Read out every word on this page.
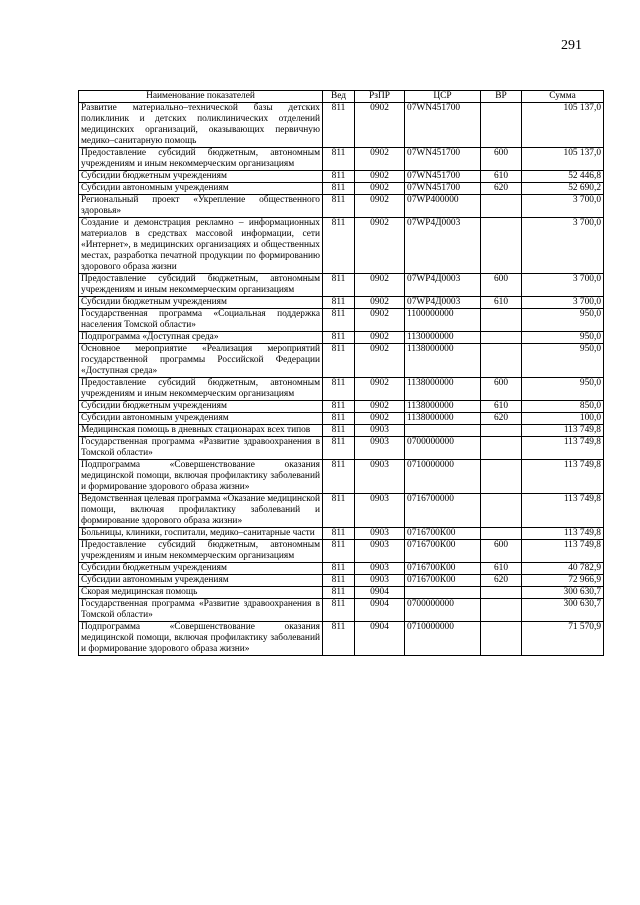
291
Наименование показателей	Вед	РзПР	ЦСР	ВР	Сумма
Развитие материально–технической базы детских поликлиник и детских поликлинических отделений медицинских организаций, оказывающих первичную медико–санитарную помощь	811	0902	07WN451700		105 137,0
Предоставление субсидий бюджетным, автономным учреждениям и иным некоммерческим организациям	811	0902	07WN451700	600	105 137,0
Субсидии бюджетным учреждениям	811	0902	07WN451700	610	52 446,8
Субсидии автономным учреждениям	811	0902	07WN451700	620	52 690,2
Региональный проект «Укрепление общественного здоровья»	811	0902	07WP400000		3 700,0
Создание и демонстрация рекламно – информационных материалов в средствах массовой информации, сети «Интернет», в медицинских организациях и общественных местах, разработка печатной продукции по формированию здорового образа жизни	811	0902	07WP4Д0003		3 700,0
Предоставление субсидий бюджетным, автономным учреждениям и иным некоммерческим организациям	811	0902	07WP4Д0003	600	3 700,0
Субсидии бюджетным учреждениям	811	0902	07WP4Д0003	610	3 700,0
Государственная программа «Социальная поддержка населения Томской области»	811	0902	1100000000		950,0
Подпрограмма «Доступная среда»	811	0902	1130000000		950,0
Основное мероприятие «Реализация мероприятий государственной программы Российской Федерации «Доступная среда»	811	0902	1138000000		950,0
Предоставление субсидий бюджетным, автономным учреждениям и иным некоммерческим организациям	811	0902	1138000000	600	950,0
Субсидии бюджетным учреждениям	811	0902	1138000000	610	850,0
Субсидии автономным учреждениям	811	0902	1138000000	620	100,0
Медицинская помощь в дневных стационарах всех типов	811	0903			113 749,8
Государственная программа «Развитие здравоохранения в Томской области»	811	0903	0700000000		113 749,8
Подпрограмма «Совершенствование оказания медицинской помощи, включая профилактику заболеваний и формирование здорового образа жизни»	811	0903	0710000000		113 749,8
Ведомственная целевая программа «Оказание медицинской помощи, включая профилактику заболеваний и формирование здорового образа жизни»	811	0903	0716700000		113 749,8
Больницы, клиники, госпитали, медико–санитарные части	811	0903	0716700К00		113 749,8
Предоставление субсидий бюджетным, автономным учреждениям и иным некоммерческим организациям	811	0903	0716700К00	600	113 749,8
Субсидии бюджетным учреждениям	811	0903	0716700К00	610	40 782,9
Субсидии автономным учреждениям	811	0903	0716700К00	620	72 966,9
Скорая медицинская помощь	811	0904			300 630,7
Государственная программа «Развитие здравоохранения в Томской области»	811	0904	0700000000		300 630,7
Подпрограмма «Совершенствование оказания медицинской помощи, включая профилактику заболеваний и формирование здорового образа жизни»	811	0904	0710000000		71 570,9
